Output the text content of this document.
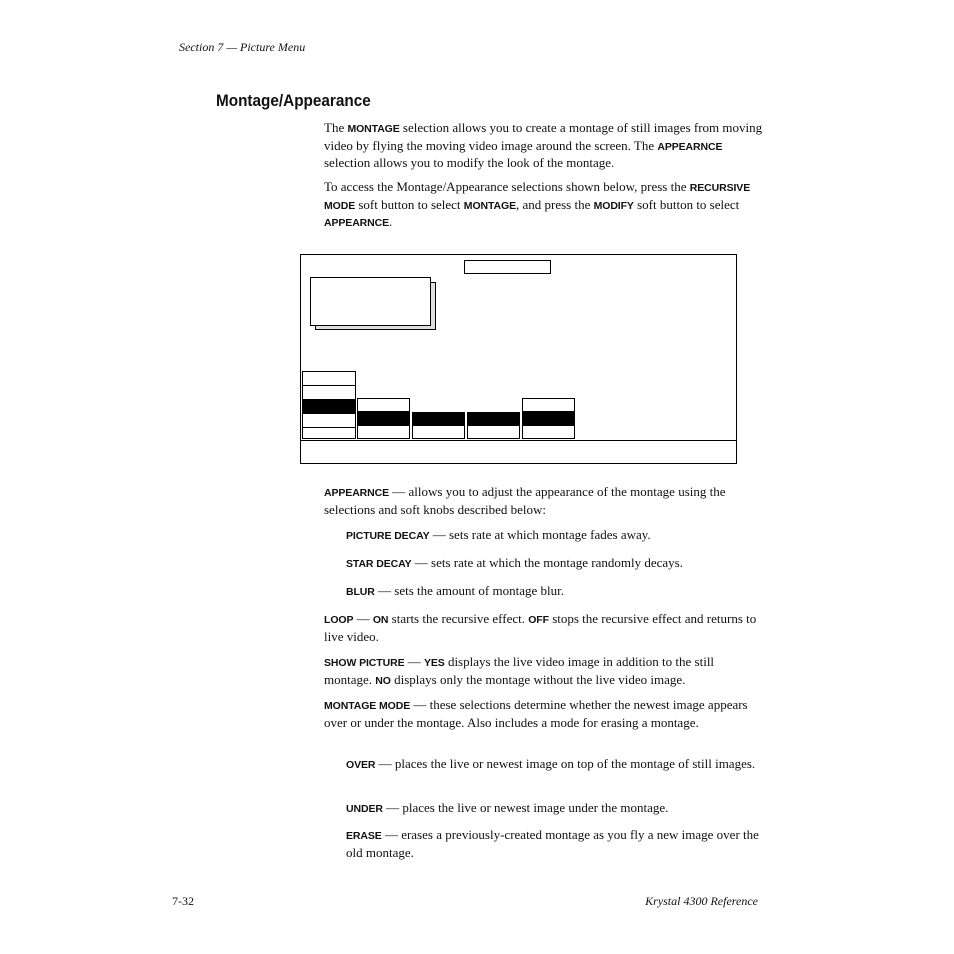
Section 7 — Picture Menu
Montage/Appearance
The MONTAGE selection allows you to create a montage of still images from moving video by flying the moving video image around the screen. The APPEARNCE selection allows you to modify the look of the montage.
To access the Montage/Appearance selections shown below, press the RECURSIVE MODE soft button to select MONTAGE, and press the MODIFY soft button to select APPEARNCE.
APPEARNCE — allows you to adjust the appearance of the montage using the selections and soft knobs described below:
PICTURE DECAY — sets rate at which montage fades away.
STAR DECAY — sets rate at which the montage randomly decays.
BLUR — sets the amount of montage blur.
LOOP — ON starts the recursive effect. OFF stops the recursive effect and returns to live video.
SHOW PICTURE — YES displays the live video image in addition to the still montage. NO displays only the montage without the live video image.
MONTAGE MODE — these selections determine whether the newest image appears over or under the montage. Also includes a mode for erasing a montage.
OVER — places the live or newest image on top of the montage of still images.
UNDER — places the live or newest image under the montage.
ERASE — erases a previously-created montage as you fly a new image over the old montage.
7-32	Krystal 4300 Reference
